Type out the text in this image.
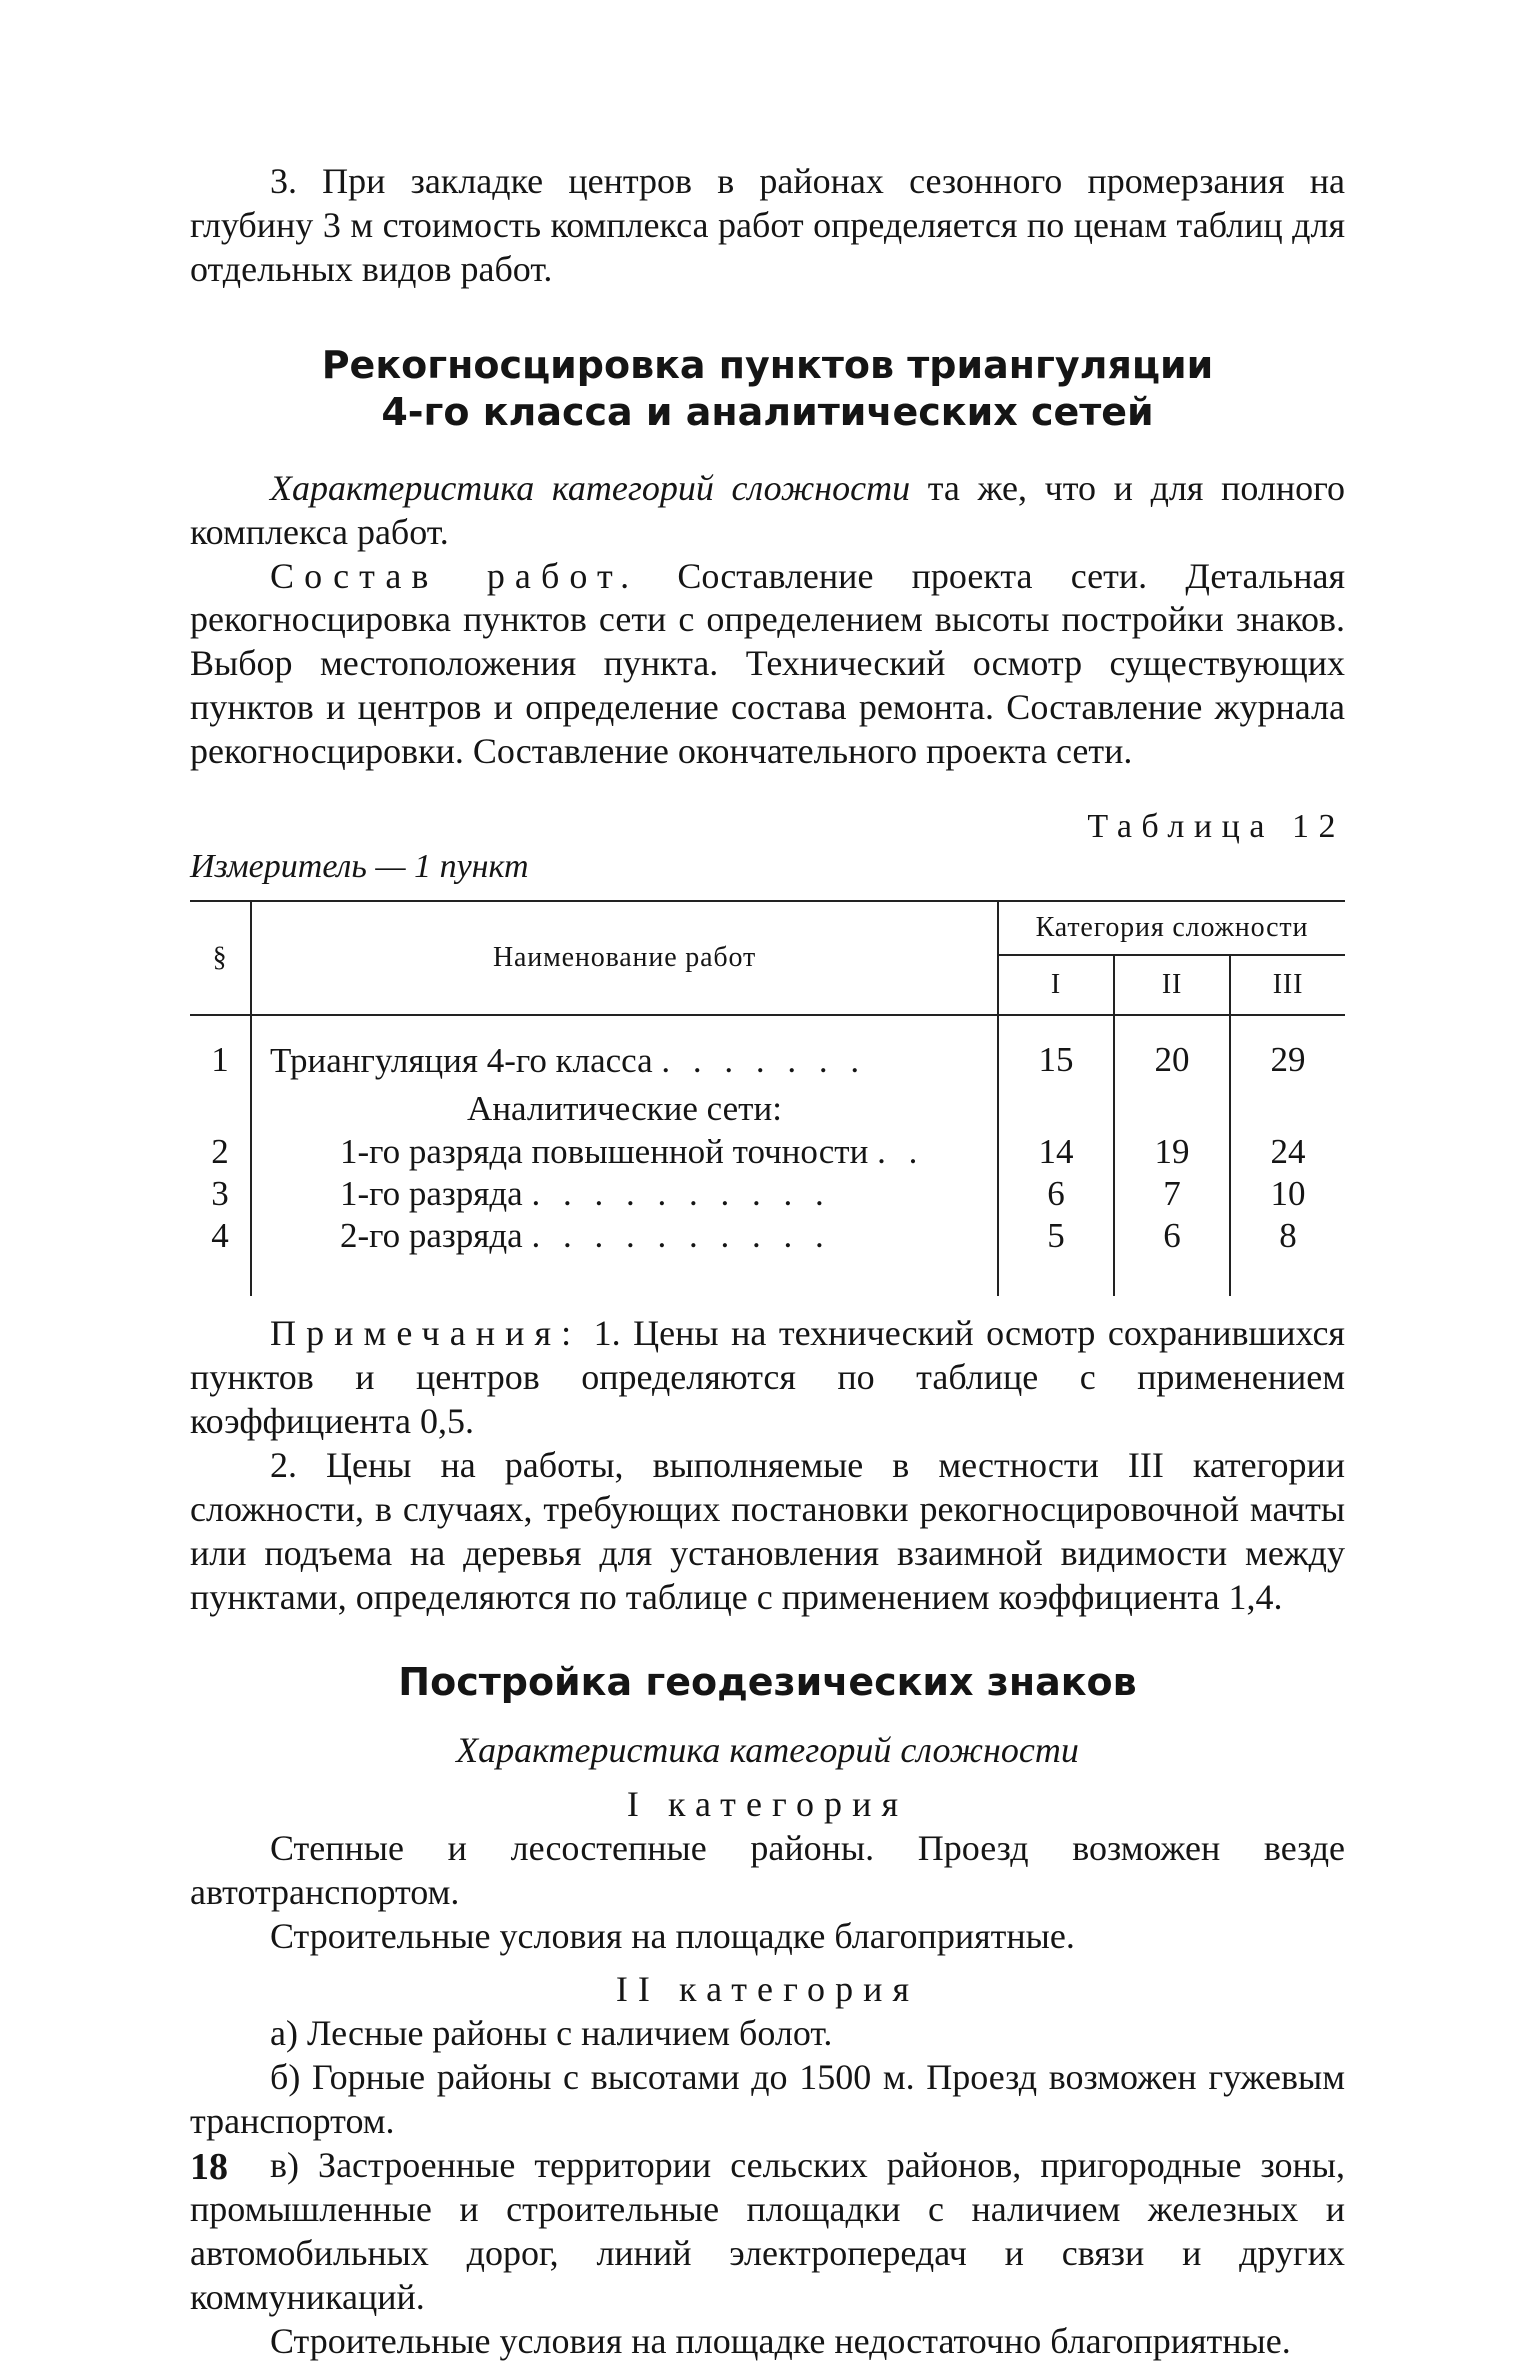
3. При закладке центров в районах сезонного промерзания на глубину 3 м стоимость комплекса работ определяется по ценам таблиц для отдельных видов работ.

Рекогносцировка пунктов триангуляции
4-го класса и аналитических сетей

Характеристика категорий сложности та же, что и для полного комплекса работ.

Состав работ. Составление проекта сети. Детальная рекогносцировка пунктов сети с определением высоты постройки знаков. Выбор местоположения пункта. Технический осмотр существующих пунктов и центров и определение состава ремонта. Составление журнала рекогносцировки. Составление окончательного проекта сети.

Измеритель — 1 пункт
Таблица 12
§	Наименование работ	Категория сложности		
		I	II	III
1	Триангуляция 4-го класса . . . . . . .	15	20	29
	Аналитические сети:			
2	1-го разряда повышенной точности . .	14	19	24
3	1-го разряда . . . . . . . . . .	6	7	10
4	2-го разряда . . . . . . . . . .	5	6	8

Примечания: 1. Цены на технический осмотр сохранившихся пунктов и центров определяются по таблице с применением коэффициента 0,5.

2. Цены на работы, выполняемые в местности III категории сложности, в случаях, требующих постановки рекогносцировочной мачты или подъема на деревья для установления взаимной видимости между пунктами, определяются по таблице с применением коэффициента 1,4.

Постройка геодезических знаков

Характеристика категорий сложности

I категория

Степные и лесостепные районы. Проезд возможен везде автотранспортом.

Строительные условия на площадке благоприятные.

II категория

а) Лесные районы с наличием болот.

б) Горные районы с высотами до 1500 м. Проезд возможен гужевым транспортом.

в) Застроенные территории сельских районов, пригородные зоны, промышленные и строительные площадки с наличием железных и автомобильных дорог, линий электропередач и связи и других коммуникаций.

Строительные условия на площадке недостаточно благоприятные.

18
